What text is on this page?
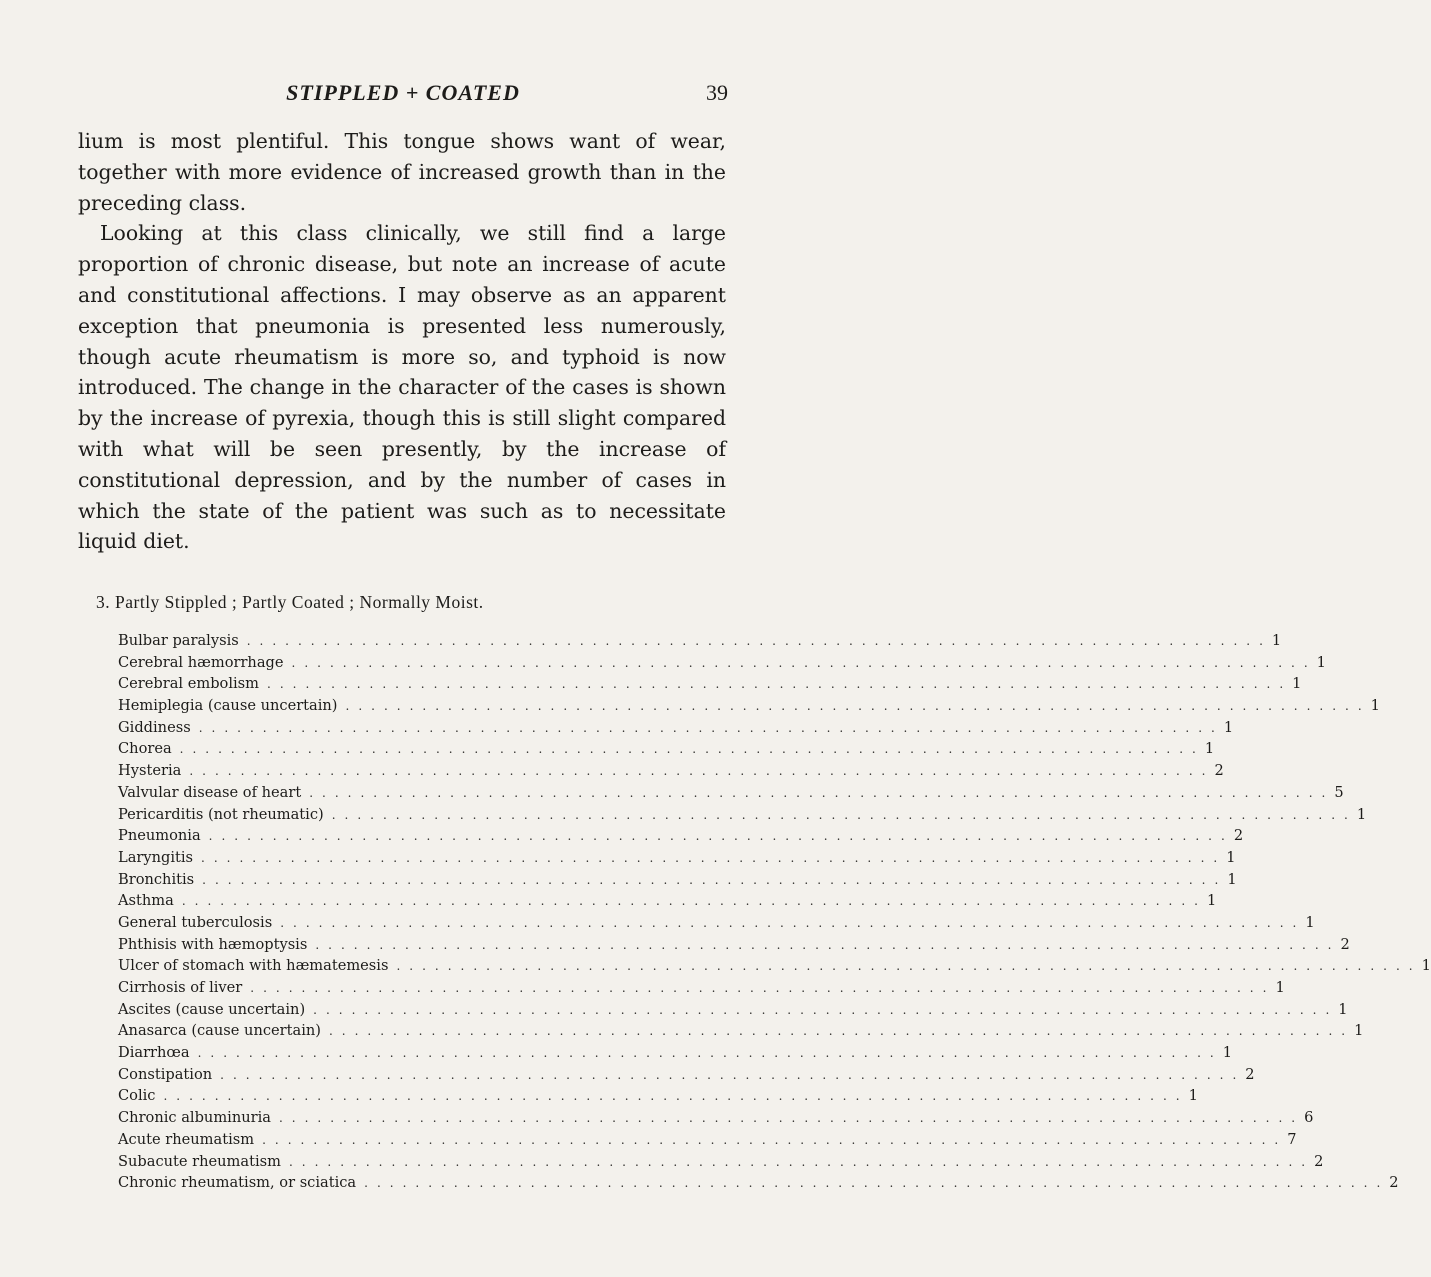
STIPPLED + COATED	39

lium is most plentiful. This tongue shows want of wear, together with more evidence of increased growth than in the preceding class.

Looking at this class clinically, we still find a large proportion of chronic disease, but note an increase of acute and constitutional affections. I may observe as an apparent exception that pneumonia is presented less numerously, though acute rheumatism is more so, and typhoid is now introduced. The change in the character of the cases is shown by the increase of pyrexia, though this is still slight compared with what will be seen presently, by the increase of constitutional depression, and by the number of cases in which the state of the patient was such as to necessitate liquid diet.

3. Partly Stippled ; Partly Coated ; Normally Moist.
Bulbar paralysis ................................................................................ 1
Cerebral hæmorrhage ................................................................................ 1
Cerebral embolism ................................................................................ 1
Hemiplegia (cause uncertain) ................................................................................ 1
Giddiness ................................................................................ 1
Chorea ................................................................................ 1
Hysteria ................................................................................ 2
Valvular disease of heart ................................................................................ 5
Pericarditis (not rheumatic) ................................................................................ 1
Pneumonia ................................................................................ 2
Laryngitis ................................................................................ 1
Bronchitis ................................................................................ 1
Asthma ................................................................................ 1
General tuberculosis ................................................................................ 1
Phthisis with hæmoptysis ................................................................................ 2
Ulcer of stomach with hæmatemesis ................................................................................ 1
Cirrhosis of liver ................................................................................ 1
Ascites (cause uncertain) ................................................................................ 1
Anasarca (cause uncertain) ................................................................................ 1
Diarrhœa ................................................................................ 1
Constipation ................................................................................ 2
Colic ................................................................................ 1
Chronic albuminuria ................................................................................ 6
Acute rheumatism ................................................................................ 7
Subacute rheumatism ................................................................................ 2
Chronic rheumatism, or sciatica ................................................................................ 2
